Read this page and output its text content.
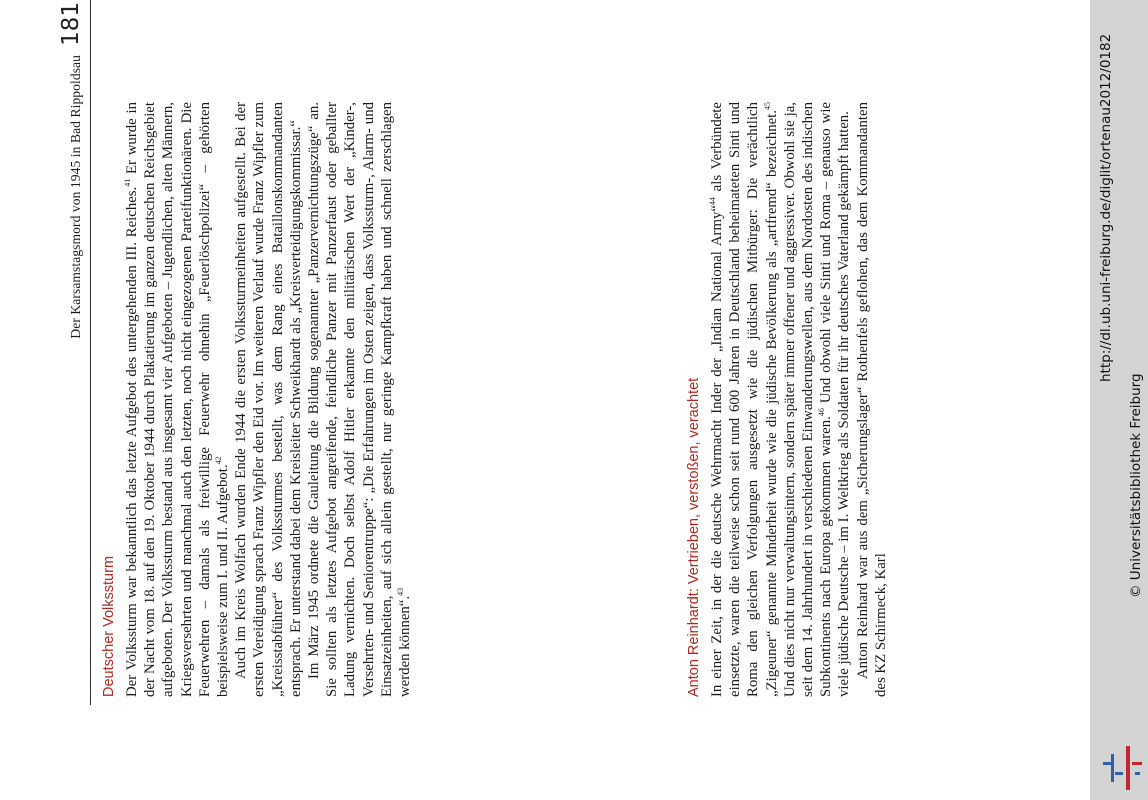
Der Karsamstagsmord von 1945 in Bad Rippoldsau
181
Deutscher Volkssturm Der Volkssturm war bekanntlich das letzte Aufgebot des untergehenden III. Reiches.$^{41}$ Er wurde in der Nacht vom 18. auf den 19. Oktober 1944 durch Plakatierung im ganzen deutschen Reichsgebiet aufgeboten. Der Volkssturm bestand aus insgesamt vier Aufgeboten – Jugendlichen, alten Männern, Kriegsversehrten und manchmal auch den letzten, noch nicht eingezogenen Parteifunktionären. Die Feuerwehren – damals als freiwillige Feuerwehr ohnehin „Feuerlöschpolizei“ – gehörten beispielsweise zum I. und II. Aufgebot.$^{42}$ Auch im Kreis Wolfach wurden Ende 1944 die ersten Volkssturmeinheiten aufgestellt. Bei der ersten Vereidigung sprach Franz Wipfler den Eid vor. Im weiteren Verlauf wurde Franz Wipfler zum „Kreisstabführer“ des Volkssturmes bestellt, was dem Rang eines Bataillonskommandanten entsprach. Er unterstand dabei dem Kreisleiter Schweikhardt als „Kreisverteidigungskommissar.“ Im März 1945 ordnete die Gauleitung die Bildung sogenannter „Panzervernichtungszüge“ an. Sie sollten als letztes Aufgebot angreifende, feindliche Panzer mit Panzerfaust oder geballter Ladung vernichten. Doch selbst Adolf Hitler erkannte den militärischen Wert der „Kinder-, Versehrten- und Seniorentruppe“: „Die Erfahrungen im Osten zeigen, dass Volkssturm-, Alarm- und Einsatzeinheiten, auf sich allein gestellt, nur geringe Kampfkraft haben und schnell zerschlagen werden können“.$^{43}$	Anton Reinhardt: Vertrieben, verstoßen, verachtet In einer Zeit, in der die deutsche Wehrmacht Inder der „Indian National Army“$^{44}$ als Verbündete einsetzte, waren die teilweise schon seit rund 600 Jahren in Deutschland beheimateten Sinti und Roma den gleichen Verfolgungen ausgesetzt wie die jüdischen Mitbürger: Die verächtlich „Zigeuner“ genannte Minderheit wurde wie die jüdische Bevölkerung als „artfremd“ bezeichnet.$^{45}$ Und dies nicht nur verwaltungsintern, sondern später immer offener und aggressiver. Obwohl sie ja, seit dem 14. Jahrhundert in verschiedenen Einwanderungswellen, aus dem Nordosten des indischen Subkontinents nach Europa gekommen waren.$^{46}$ Und obwohl viele Sinti und Roma – genauso wie viele jüdische Deutsche – im I. Weltkrieg als Soldaten für ihr deutsches Vaterland gekämpft hatten. Anton Reinhard war aus dem „Sicherungslager“ Rothenfels geflohen, das dem Kommandanten des KZ Schirmeck, Karl

http://dl.ub.uni-freiburg.de/diglit/ortenau2012/0182
© Universitätsbibliothek Freiburg
